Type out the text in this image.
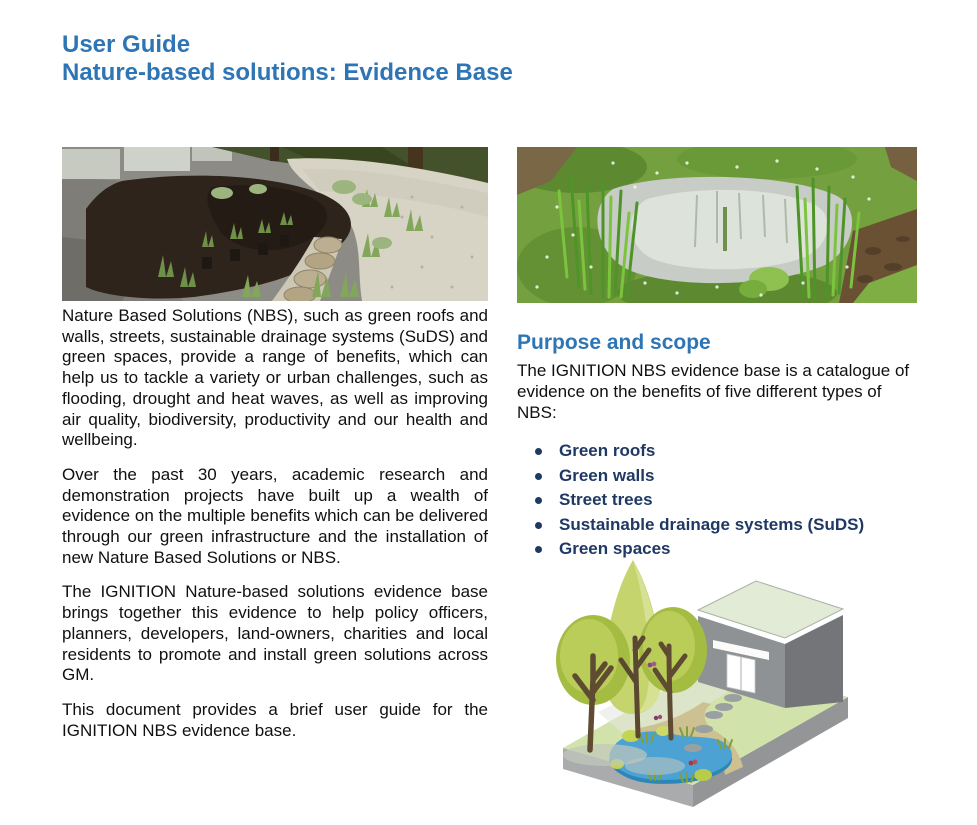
User Guide
Nature-based solutions: Evidence Base

Nature Based Solutions (NBS), such as green roofs and walls, streets, sustainable drainage systems (SuDS) and green spaces, provide a range of benefits, which can help us to tackle a variety or urban challenges, such as flooding, drought and heat waves, as well as improving air quality, biodiversity, productivity and our health and wellbeing.

Over the past 30 years, academic research and demonstration projects have built up a wealth of evidence on the multiple benefits which can be delivered through our green infrastructure and the installation of new Nature Based Solutions or NBS.

The IGNITION Nature-based solutions evidence base brings together this evidence to help policy officers, planners, developers, land-owners, charities and local residents to promote and install green solutions across GM.

This document provides a brief user guide for the IGNITION NBS evidence base.

Purpose and scope

The IGNITION NBS evidence base is a catalogue of evidence on the benefits of five different types of NBS:

Green roofs
Green walls
Street trees
Sustainable drainage systems (SuDS)
Green spaces
